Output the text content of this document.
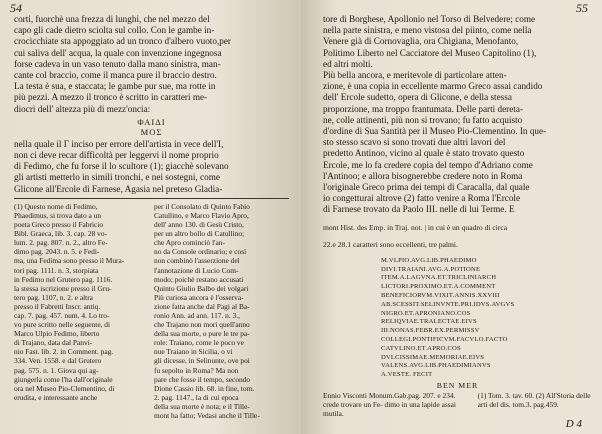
54

corti, fuorchè una frezza di lunghi, che nel mezzo del

capo gli cade dietro sciolta sul collo. Con le gambe in-

crocicchiate sta appoggiato ad un tronco d'albero vuoto,per

cui saliva dell' acqua, la quale con invenzione ingegnosa

forse cadeva in un vaso tenuto dalla mano sinistra, man-

cante col braccio, come il manca pure il braccio destro.

La testa è sua, e staccata; le gambe pur sue, ma rotte in

più pezzi. A mezzo il tronco è scritto in caratteri me-

diocri dell' altezza più di mezz'oncia:

ΦΑΙΔΙ
ΜΟΣ

nella quale il Γ inciso per errore dell'artista in vece dell'Ι,

non ci deve recar difficoltà per leggervi il nome proprio

di Fedimo, che fu forse il lo scultore (1); giacchè solevano

gli artisti metterlo in simili tronchi, e nei sostegni, come

Glicone all'Ercole di Farnese, Agasia nel preteso Gladia-

(1) Questo nome di Fedimo,

Phaedimus, si trova dato a un

poeta Greco presso il Fabricio

Bibl. Graeca, lib. 3. cap. 28 vo-

lum. 2. pag. 807. n. 2., altro Fe-

dimo pag. 2043. n. 5. e Fedi-

ma, una Fedima sono presso il Mura-

tori pag. 1111. n. 3, storpiata

in Fedimo nel Grutero pag. 1116.

la stessa iscrizione presso il Gru-

tero pag. 1107, n. 2. e altra

presso il Fabretti Inscr. antiq.

cap. 7. pag. 457. num. 4. Lo tro-

vo pure scritto nelle seguente, di

Marco Ulpio Fedimo, liberto

di Trajano, data dal Panvi-

nio Fast. lib. 2. in Comment. pag.

334. Ven. 1558. e dal Grutero

pag. 575. n. 1. Giova qui ag-

giungerla come l'ha dall'originale

ora nel Museo Pio-Clementino, di

erudita, e interessante anche

per il Consolato di Quinto Fabio

Catullino, e Marco Flavio Apro,

dell' anno 130. di Gesù Cristo,

per un altro bollo di Catullino;

che Apro cominciò l'an-

no da Console ordinario; e così

non combinò l'asserzione del

l'annotazione di Lucio Com-

modo; poichè restano accusati

Quinto Giulio Balbo dei volgari

Più curiosa ancora è l'osserva-

zione fatta anche dal Pagi al Ba-

ronio Ann. ad ann. 117. n. 3.,

che Trajano non morì quell'anno

della sua morte, o pure le tre pa-

role: Traiano, come le poco ve

nue Traiano in Sicilia, o vi

gli dicesse, in Selinunte, ove poi

fu sepolto in Roma? Ma non

pare che fosse il tempo, secondo

Dione Cassio lib. 68. in fine, tom.

2. pag. 1147., la di cui epoca

della sua morte è nota; e il Tille-

mont ha fatto; Vedasi anche il Tille-

55

tore di Borghese, Apollonio nel Torso di Belvedere; come

nella parte sinistra, e meno vistosa del piinto, come nella

Venere già di Cornovaglia, ora Chigiana, Menofanto,

Politimo Liberto nel Cacciatore del Museo Capitolino (1),

ed altri molti.

Più bella ancora, e meritevole di particolare atten-

zione, è una copia in eccellente marmo Greco assai candido

dell' Ercole sudetto, opera di Glicone, e della stessa

proporzione, ma troppo frantumata. Delle parti dereta-

ne, colle attinenti, più non si trovano; fu fatto acquisto

d'ordine di Sua Santità per il Museo Pio-Clementino. In que-

sto stesso scavo si sono trovati due altri lavori del

predetto Antinoo, vicino al quale è stato trovato questo

Ercole, me lo fa credere copia del tempo d'Adriano come

l'Antinoo; e allora bisognerebbe credere noto in Roma

l'originale Greco prima dei tempi di Caracalla, dal quale

io congetturai altrove (2) fatto venire a Roma l'Ercole

di Farnese trovato da Paolo III. nelle di lui Terme. E

mont Hist. des Emp. in Traj. not. | in cui è un quadro di circa

22.e 28.1 caratteri sono eccellenti, tre palmi.

M.VLPIO.AVG.LIB.PHAEDIMO
DIVI.TRAIANI.AVG.A.POTIONE
ITEM.A.LAGVNA.ET.TRICLINIARCH
LICTORI.PROXIMO.ET.A.COMMENT
BENEFICIORVM.VIXIT.ANNIS.XXVIII
AB.SCESSIT.SELINVNTE.PRI.IDVS.AVGVS
NIGRO.ET.APRONIANO.COS
RELIQVIAE.TRALECTAE.EIVS
III.NONAS.FEBR.EX.PERMISSV
COLLEGI.PONTIFICVM.FACVLO.FACTO
CATVLINO.ET.APRO.COS
DVLCISSIMAE.MEMORIAE.EIVS
VALENS.AVG.LIB.PHAEDIMIANVS
A.VESTE. FECIT
BEN MER
Ennio Visconti Monum.Gab.pag. 207. e 234. crede trovare un Fe- dimo in una lapide assai mutila.
(1) Tom. 3. tav. 60. (2) All'Storia delle arti del dis. tom.3. pag.459.
D 4
